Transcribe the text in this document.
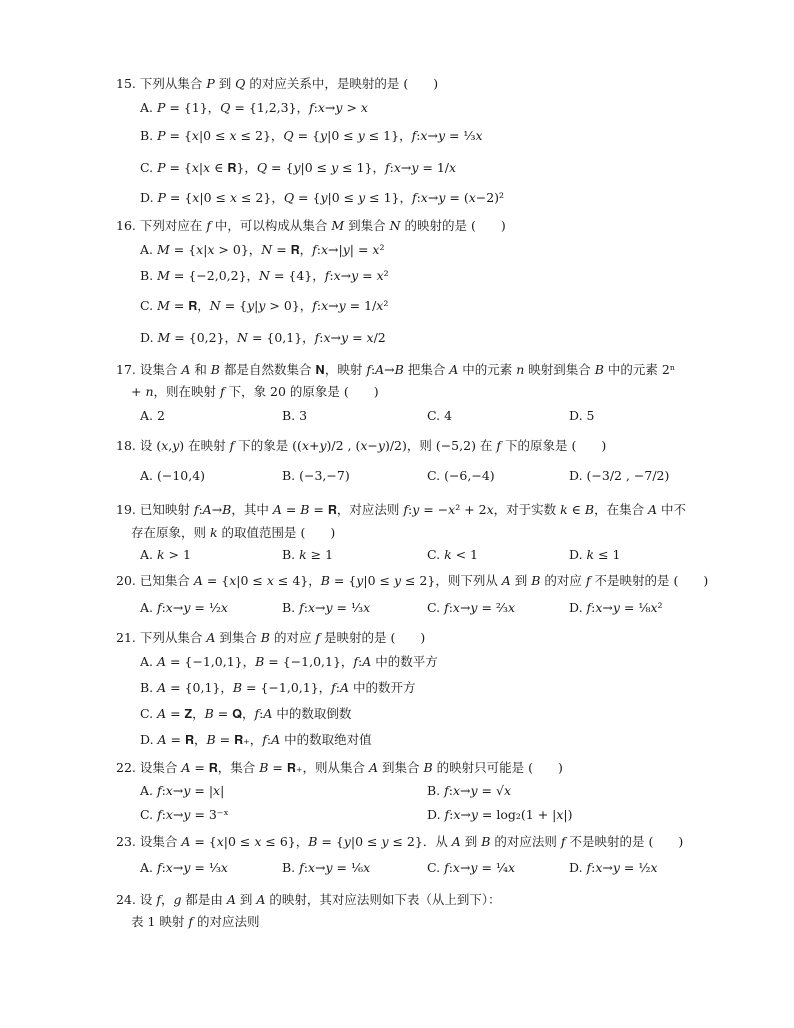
15. 下列从集合 𝑃 到 𝑄 的对应关系中，是映射的是 (　　)
A. 𝑃 = {1}，𝑄 = {1,2,3}，𝑓:𝑥→𝑦 > 𝑥
B. 𝑃 = {𝑥|0 ≤ 𝑥 ≤ 2}，𝑄 = {𝑦|0 ≤ 𝑦 ≤ 1}，𝑓:𝑥→𝑦 = ⅓𝑥
C. 𝑃 = {𝑥|𝑥 ∈ 𝐑}，𝑄 = {𝑦|0 ≤ 𝑦 ≤ 1}，𝑓:𝑥→𝑦 = 1/𝑥
D. 𝑃 = {𝑥|0 ≤ 𝑥 ≤ 2}，𝑄 = {𝑦|0 ≤ 𝑦 ≤ 1}，𝑓:𝑥→𝑦 = (𝑥−2)²
16. 下列对应在 𝑓 中，可以构成从集合 𝑀 到集合 𝑁 的映射的是 (　　)
A. 𝑀 = {𝑥|𝑥 > 0}，𝑁 = 𝐑，𝑓:𝑥→|𝑦| = 𝑥²
B. 𝑀 = {−2,0,2}，𝑁 = {4}，𝑓:𝑥→𝑦 = 𝑥²
C. 𝑀 = 𝐑，𝑁 = {𝑦|𝑦 > 0}，𝑓:𝑥→𝑦 = 1/𝑥²
D. 𝑀 = {0,2}，𝑁 = {0,1}，𝑓:𝑥→𝑦 = 𝑥/2
17. 设集合 𝐴 和 𝐵 都是自然数集合 𝐍，映射 𝑓:𝐴→𝐵 把集合 𝐴 中的元素 𝑛 映射到集合 𝐵 中的元素 2ⁿ
+ 𝑛，则在映射 𝑓 下，象 20 的原象是 (　　)
A. 2	B. 3	C. 4	D. 5
18. 设 (𝑥,𝑦) 在映射 𝑓 下的象是 ((𝑥+𝑦)/2 , (𝑥−𝑦)/2)，则 (−5,2) 在 𝑓 下的原象是 (　　)
A. (−10,4)	B. (−3,−7)	C. (−6,−4)	D. (−3/2 , −7/2)
19. 已知映射 𝑓:𝐴→𝐵，其中 𝐴 = 𝐵 = 𝐑，对应法则 𝑓:𝑦 = −𝑥² + 2𝑥，对于实数 𝑘 ∈ 𝐵，在集合 𝐴 中不
存在原象，则 𝑘 的取值范围是 (　　)
A. 𝑘 > 1	B. 𝑘 ≥ 1	C. 𝑘 < 1	D. 𝑘 ≤ 1
20. 已知集合 𝐴 = {𝑥|0 ≤ 𝑥 ≤ 4}，𝐵 = {𝑦|0 ≤ 𝑦 ≤ 2}，则下列从 𝐴 到 𝐵 的对应 𝑓 不是映射的是 (　　)
A. 𝑓:𝑥→𝑦 = ½𝑥	B. 𝑓:𝑥→𝑦 = ⅓𝑥	C. 𝑓:𝑥→𝑦 = ⅔𝑥	D. 𝑓:𝑥→𝑦 = ⅛𝑥²
21. 下列从集合 𝐴 到集合 𝐵 的对应 𝑓 是映射的是 (　　)
A. 𝐴 = {−1,0,1}，𝐵 = {−1,0,1}，𝑓:𝐴 中的数平方
B. 𝐴 = {0,1}，𝐵 = {−1,0,1}，𝑓:𝐴 中的数开方
C. 𝐴 = 𝐙，𝐵 = 𝐐，𝑓:𝐴 中的数取倒数
D. 𝐴 = 𝐑，𝐵 = 𝐑₊，𝑓:𝐴 中的数取绝对值
22. 设集合 𝐴 = 𝐑，集合 𝐵 = 𝐑₊，则从集合 𝐴 到集合 𝐵 的映射只可能是 (　　)
A. 𝑓:𝑥→𝑦 = |𝑥|	B. 𝑓:𝑥→𝑦 = √𝑥
C. 𝑓:𝑥→𝑦 = 3⁻ˣ	D. 𝑓:𝑥→𝑦 = log₂(1 + |𝑥|)
23. 设集合 𝐴 = {𝑥|0 ≤ 𝑥 ≤ 6}，𝐵 = {𝑦|0 ≤ 𝑦 ≤ 2}．从 𝐴 到 𝐵 的对应法则 𝑓 不是映射的是 (　　)
A. 𝑓:𝑥→𝑦 = ⅓𝑥	B. 𝑓:𝑥→𝑦 = ⅙𝑥	C. 𝑓:𝑥→𝑦 = ¼𝑥	D. 𝑓:𝑥→𝑦 = ½𝑥
24. 设 𝑓，𝑔 都是由 𝐴 到 𝐴 的映射，其对应法则如下表（从上到下）：
表 1 映射 𝑓 的对应法则
